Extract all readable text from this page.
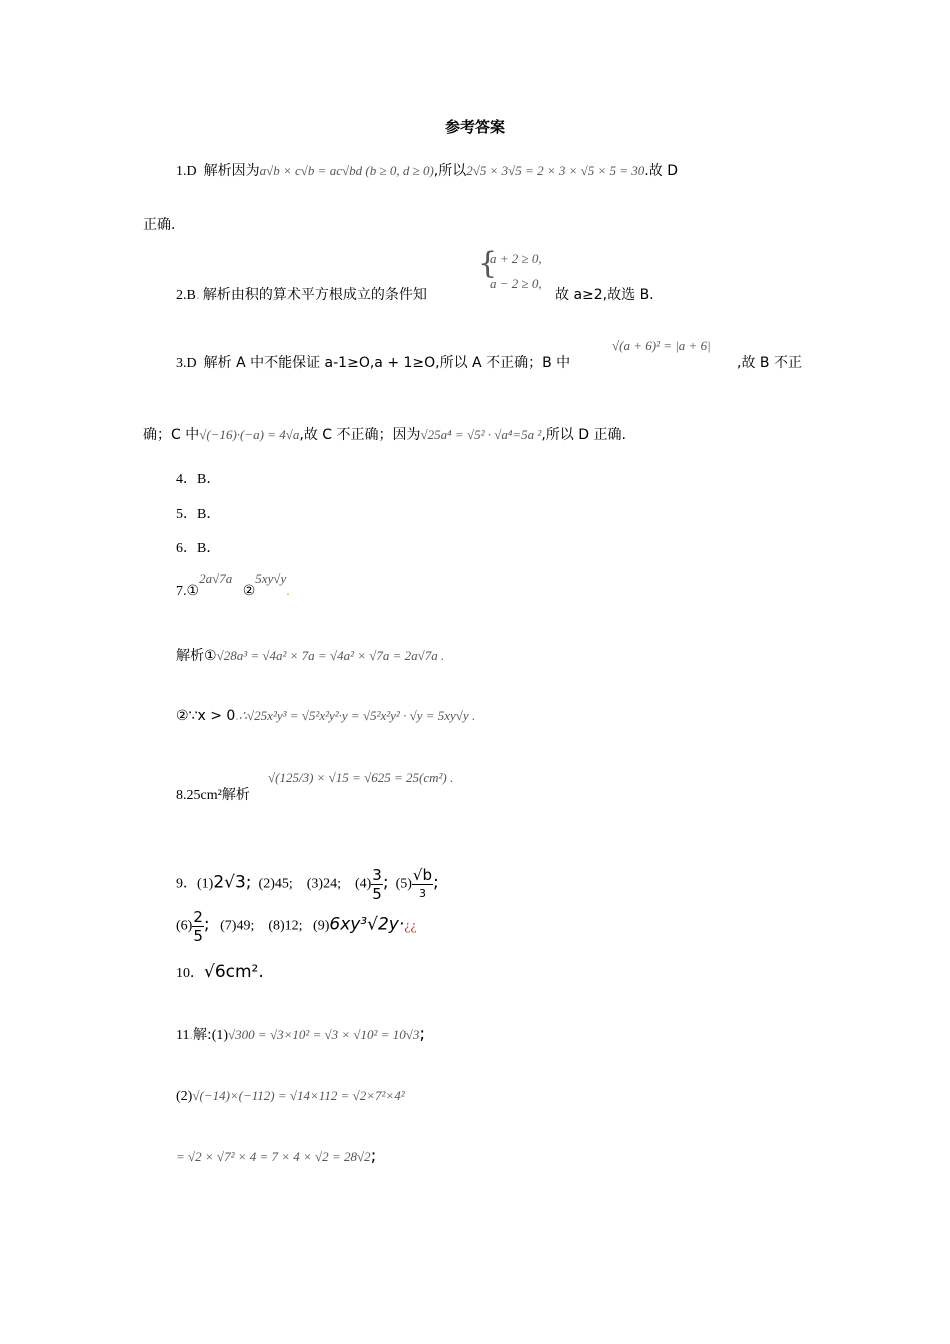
参考答案
1.D 解析因为a√b × c√b = ac√bd (b ≥ 0, d ≥ 0),所以2√5 × 3√5 = 2 × 3 × √5 × 5 = 30.故 D
正确.
{
a + 2 ≥ 0,
a − 2 ≥ 0,
2.B. 解析由积的算术平方根成立的条件知	故 a≥2,故选 B.
3.D 解析 A 中不能保证 a-1≥O,a + 1≥O,所以 A 不正确；B 中
√(a + 6)² = |a + 6|
,故 B 不正
确；C 中√(−16)·(−a) = 4√a,故 C 不正确；因为√25a⁴ = √5² · √a⁴=5a ²,所以 D 正确.
4．B．
5．B．
6．B．
7.①2a√7a   ②5xy√y.
解析①√28a³ = √4a² × 7a = √4a² × √7a = 2a√7a .
②∵x > 0.∴√25x²y³ = √5²x²y²·y = √5²x²y² · √y = 5xy√y .
8.25cm²解析
√(125/3) × √15 = √625 = 25(cm²) .
9．(1)2√3;  (2)45;    (3)24;    $(4) \frac{3}{5}$ ;  $(5) \frac{√b}{3}$ ;
$(6) \frac{2}{5}$ ;   (7)49;    (8)12;   (9)6xy³√2y·¿¿
10．√6cm².
11.解:(1)√300 = √3×10² = √3 × √10² = 10√3;
(2)√(−14)×(−112) = √14×112 = √2×7²×4²
= √2 × √7² × 4 = 7 × 4 × √2 = 28√2;
